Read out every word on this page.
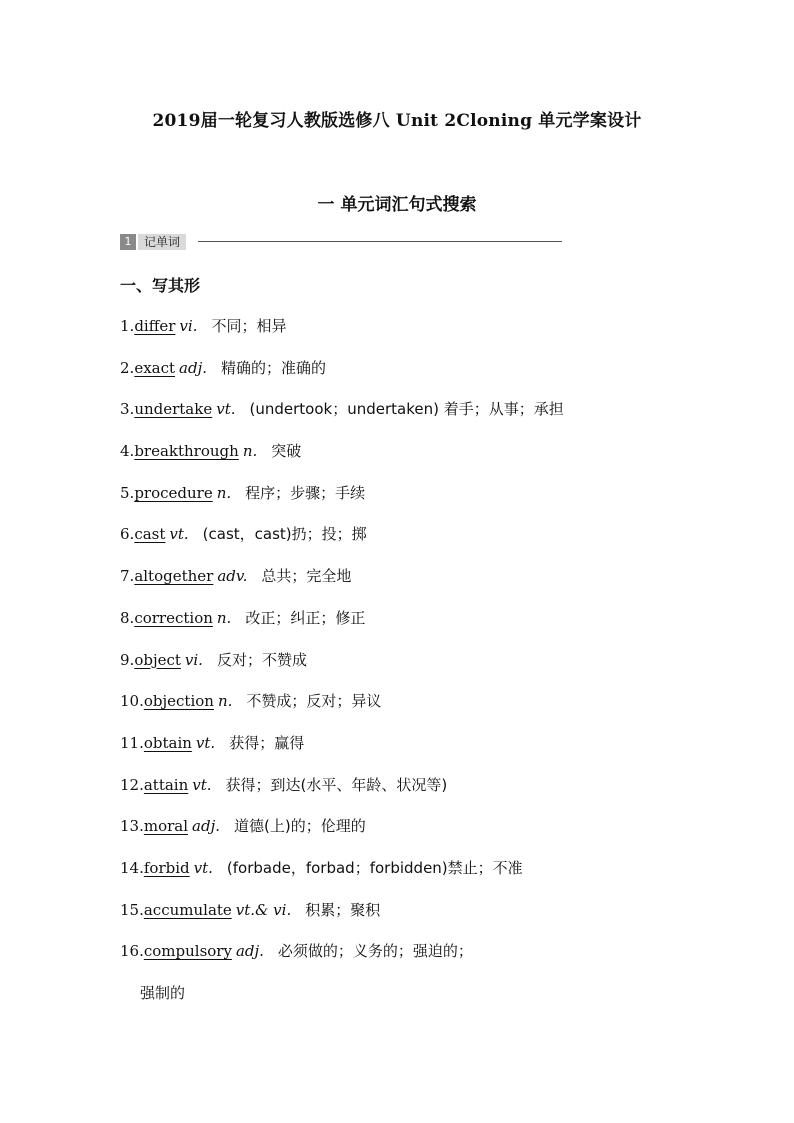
2019届一轮复习人教版选修八 Unit 2Cloning 单元学案设计
一 单元词汇句式搜索
1	记单词
一、写其形
1.differ vi. 不同；相异
2.exact adj. 精确的；准确的
3.undertake vt. (undertook；undertaken) 着手；从事；承担
4.breakthrough n. 突破
5.procedure n. 程序；步骤；手续
6.cast vt. (cast，cast)扔；投；掷
7.altogether adv. 总共；完全地
8.correction n. 改正；纠正；修正
9.object vi. 反对；不赞成
10.objection n. 不赞成；反对；异议
11.obtain vt. 获得；赢得
12.attain vt. 获得；到达(水平、年龄、状况等)
13.moral adj. 道德(上)的；伦理的
14.forbid vt. (forbade，forbad；forbidden)禁止；不准
15.accumulate vt.& vi. 积累；聚积
16.compulsory adj. 必须做的；义务的；强迫的；
强制的
